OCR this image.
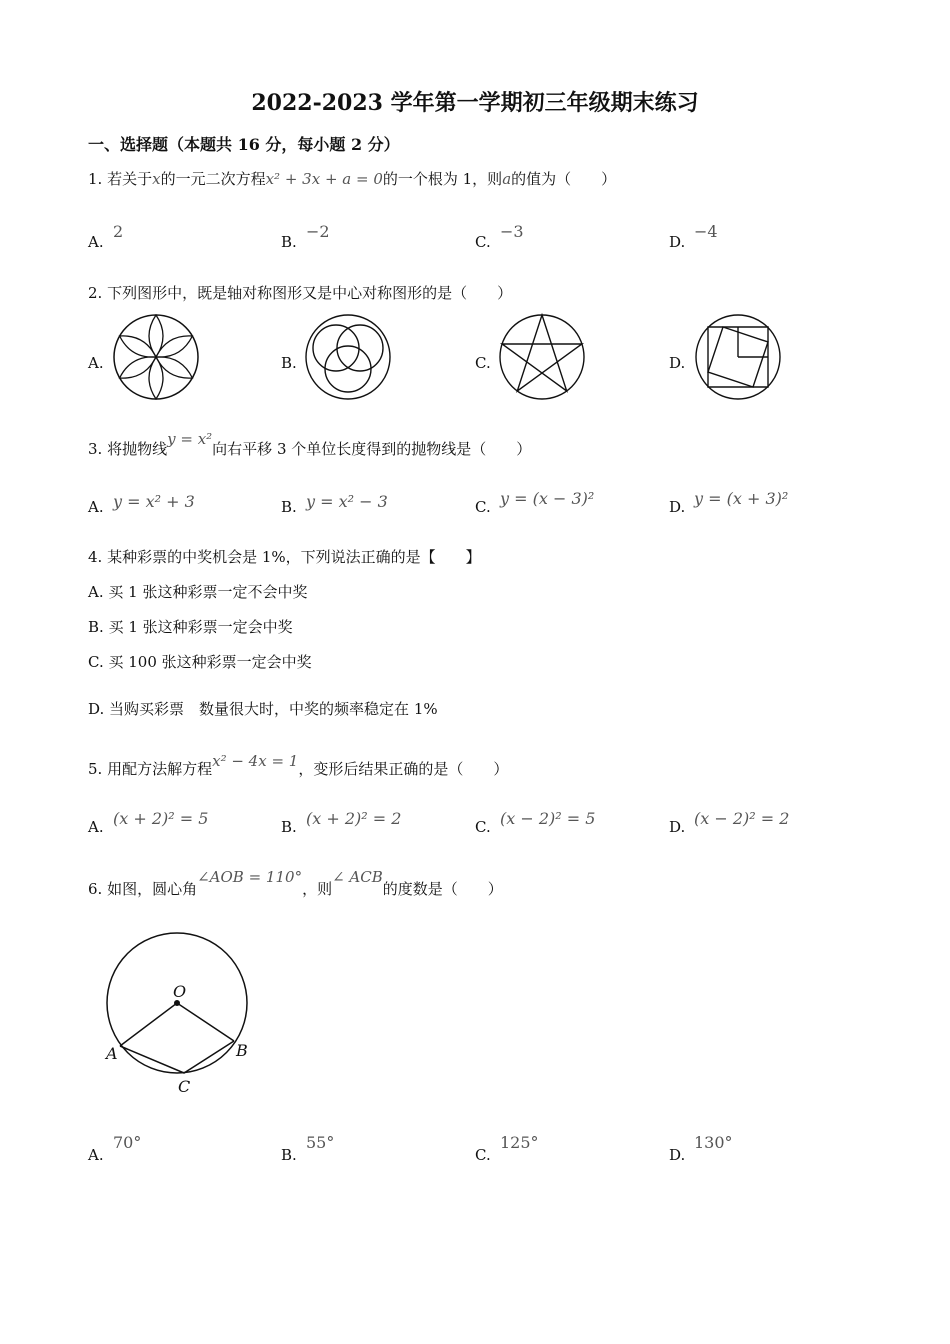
2022-2023 学年第一学期初三年级期末练习
一、选择题（本题共 16 分，每小题 2 分）
1. 若关于x的一元二次方程x² + 3x + a = 0的一个根为 1，则a的值为（　　）
A.
2
B.
−2
C.
−3
D.
−4
2. 下列图形中，既是轴对称图形又是中心对称图形的是（　　）
A.	B.	C.	D.
3. 将抛物线y = x²向右平移 3 个单位长度得到的抛物线是（　　）
A. y = x² + 3	B. y = x² − 3	C. y = (x − 3)²	D. y = (x + 3)²
4. 某种彩票的中奖机会是 1%，下列说法正确的是【　　】
A. 买 1 张这种彩票一定不会中奖
B. 买 1 张这种彩票一定会中奖
C. 买 100 张这种彩票一定会中奖
D. 当购买彩票　数量很大时，中奖的频率稳定在 1%
5. 用配方法解方程x² − 4x = 1，变形后结果正确的是（　　）
A. (x + 2)² = 5	B. (x + 2)² = 2	C. (x − 2)² = 5	D. (x − 2)² = 2
6. 如图，圆心角∠AOB = 110°，则∠ ACB的度数是（　　）
O
A	B
C
A.
70°
B.
55°
C.
125°
D.
130°
